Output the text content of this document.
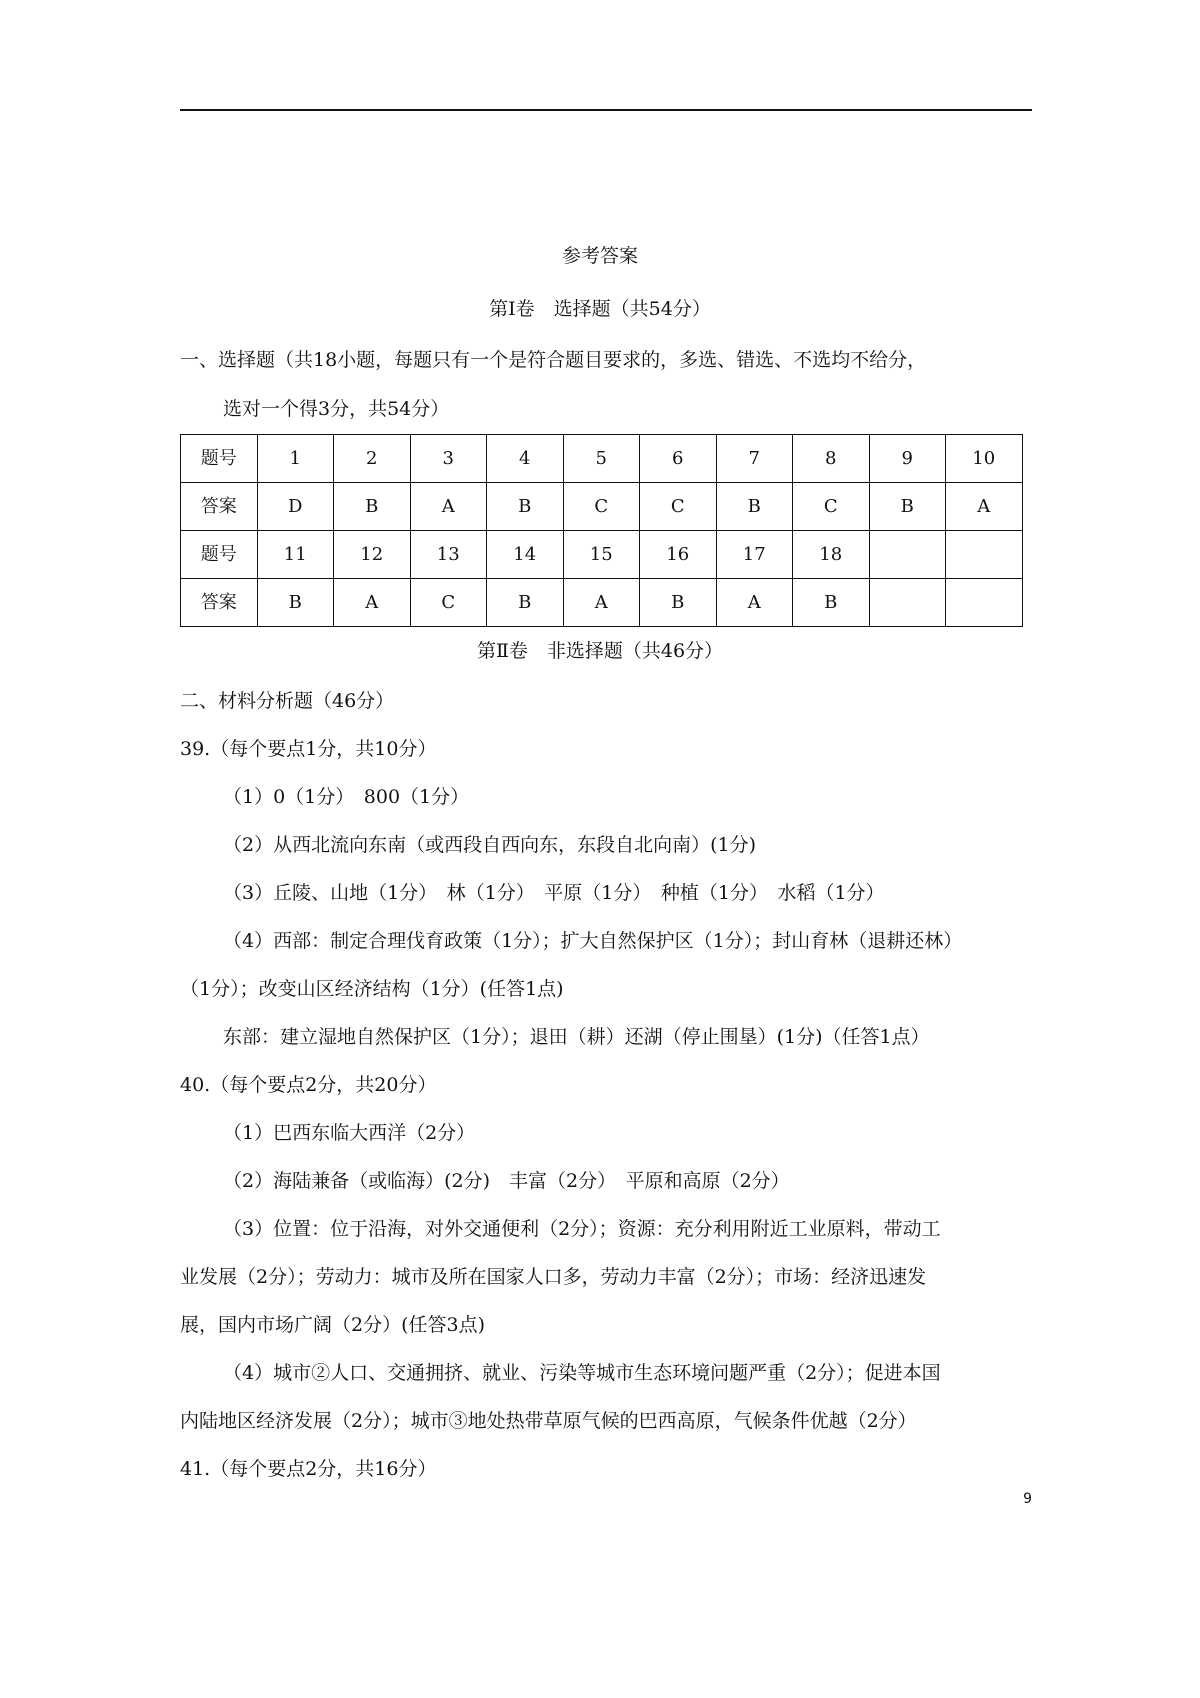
参考答案
第Ⅰ卷　选择题（共54分）
一、选择题（共18小题，每题只有一个是符合题目要求的，多选、错选、不选均不给分，
选对一个得3分，共54分）
题号	1	2	3	4	5	6	7	8	9	10
答案	D	B	A	B	C	C	B	C	B	A
题号	11	12	13	14	15	16	17	18		
答案	B	A	C	B	A	B	A	B		
第Ⅱ卷　非选择题（共46分）
二、材料分析题（46分）
39.（每个要点1分，共10分）
（1）0（1分）　800（1分）
（2）从西北流向东南（或西段自西向东，东段自北向南）(1分)
（3）丘陵、山地（1分）　林（1分）　平原（1分）　种植（1分）　水稻（1分）
（4）西部：制定合理伐育政策（1分）；扩大自然保护区（1分）；封山育林（退耕还林）
（1分）；改变山区经济结构（1分）(任答1点)
东部：建立湿地自然保护区（1分）；退田（耕）还湖（停止围垦）(1分)（任答1点）
40.（每个要点2分，共20分）
（1）巴西东临大西洋（2分）
（2）海陆兼备（或临海）(2分)　丰富（2分）　平原和高原（2分）
（3）位置：位于沿海，对外交通便利（2分）；资源：充分利用附近工业原料，带动工
业发展（2分）；劳动力：城市及所在国家人口多，劳动力丰富（2分）；市场：经济迅速发
展，国内市场广阔（2分）(任答3点)
（4）城市②人口、交通拥挤、就业、污染等城市生态环境问题严重（2分）；促进本国
内陆地区经济发展（2分）；城市③地处热带草原气候的巴西高原，气候条件优越（2分）
41.（每个要点2分，共16分）
9
